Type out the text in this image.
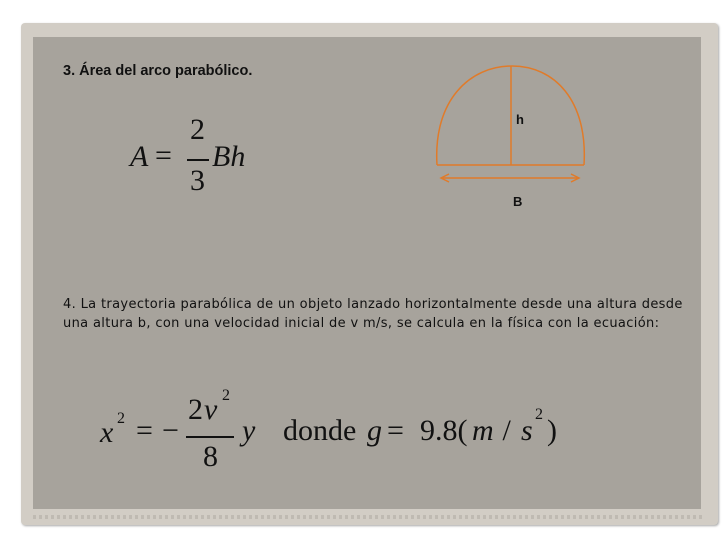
3. Área del arco parabólico.
A =
2
3
Bh
h
B

4. La trayectoria parabólica de un objeto lanzado horizontalmente desde una altura desde una altura b, con una velocidad inicial de v m/s, se calcula en la física con la ecuación:

x 2 = −
2 v 2
8
y donde g = 9.8( m / s 2 )
